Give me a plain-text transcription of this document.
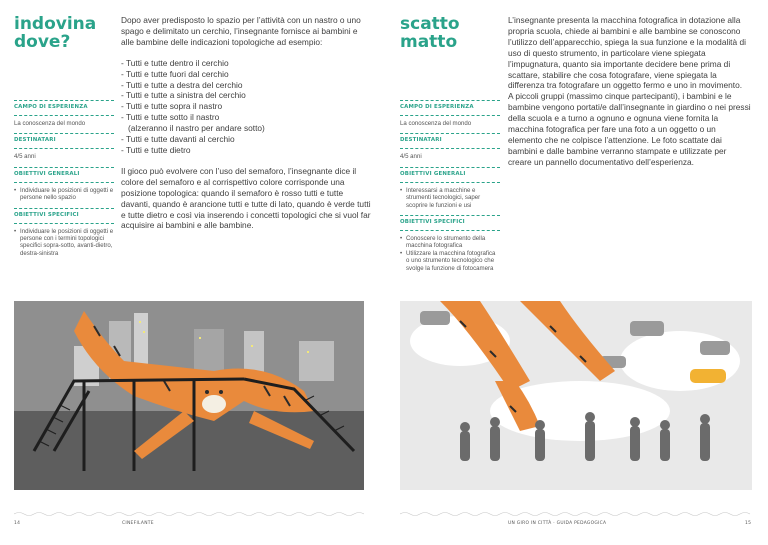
indovina
dove?
CAMPO DI ESPERIENZA
La conoscenza del mondo
DESTINATARI
4/5 anni
OBIETTIVI GENERALI
• Individuare le posizioni di oggetti e persone nello spazio
OBIETTIVI SPECIFICI
• Individuare le posizioni di oggetti e persone con i termini topologici specifici sopra-sotto, avanti-dietro, destra-sinistra

Dopo aver predisposto lo spazio per l’attività con un nastro o uno spago e delimitato un cerchio, l’insegnante fornisce ai bambini e alle bambine delle indicazioni topologiche ad esempio:

- Tutti e tutte dentro il cerchio
- Tutti e tutte fuori dal cerchio
- Tutti e tutte a destra del cerchio
- Tutti e tutte a sinistra del cerchio
- Tutti e tutte sopra il nastro
- Tutti e tutte sotto il nastro
(alzeranno il nastro per andare sotto)
- Tutti e tutte davanti al cerchio
- Tutti e tutte dietro

Il gioco può evolvere con l’uso del semaforo, l’insegnante dice il colore del semaforo e al corrispettivo colore corrisponde una posizione topologica: quando il semaforo è rosso tutti e tutte davanti, quando è arancione tutti e tutte di lato, quando è verde tutti e tutte dietro e così via inserendo i concetti topologici che si vuol far acquisire ai bambini e alle bambine.

14	CINEFILANTE
scatto
matto
CAMPO DI ESPERIENZA
La conoscenza del mondo
DESTINATARI
4/5 anni
OBIETTIVI GENERALI
• Interessarsi a macchine e strumenti tecnologici, saper scoprire le funzioni e usi
OBIETTIVI SPECIFICI
• Conoscere lo strumento della macchina fotografica
• Utilizzare la macchina fotografica o uno strumento tecnologico che svolge la funzione di fotocamera

L’insegnante presenta la macchina fotografica in dotazione alla propria scuola, chiede ai bambini e alle bambine se conoscono l’utilizzo dell’apparecchio, spiega la sua funzione e la modalità di uso di questo strumento, in particolare viene spiegata l’impugnatura, quanto sia importante decidere bene prima di scattare, stabilire che cosa fotografare, viene spiegata la differenza tra fotografare un oggetto fermo e uno in movimento.

A piccoli gruppi (massimo cinque partecipanti), i bambini e le bambine vengono portati/e dall’insegnante in giardino o nei pressi della scuola e a turno a ognuno e ognuna viene fornita la macchina fotografica per fare una foto a un oggetto o un elemento che ne colpisce l’attenzione. Le foto scattate dai bambini e dalle bambine verranno stampate e utilizzate per creare un pannello documentativo dell’esperienza.

UN GIRO IN CITTÀ · GUIDA PEDAGOGICA	15
